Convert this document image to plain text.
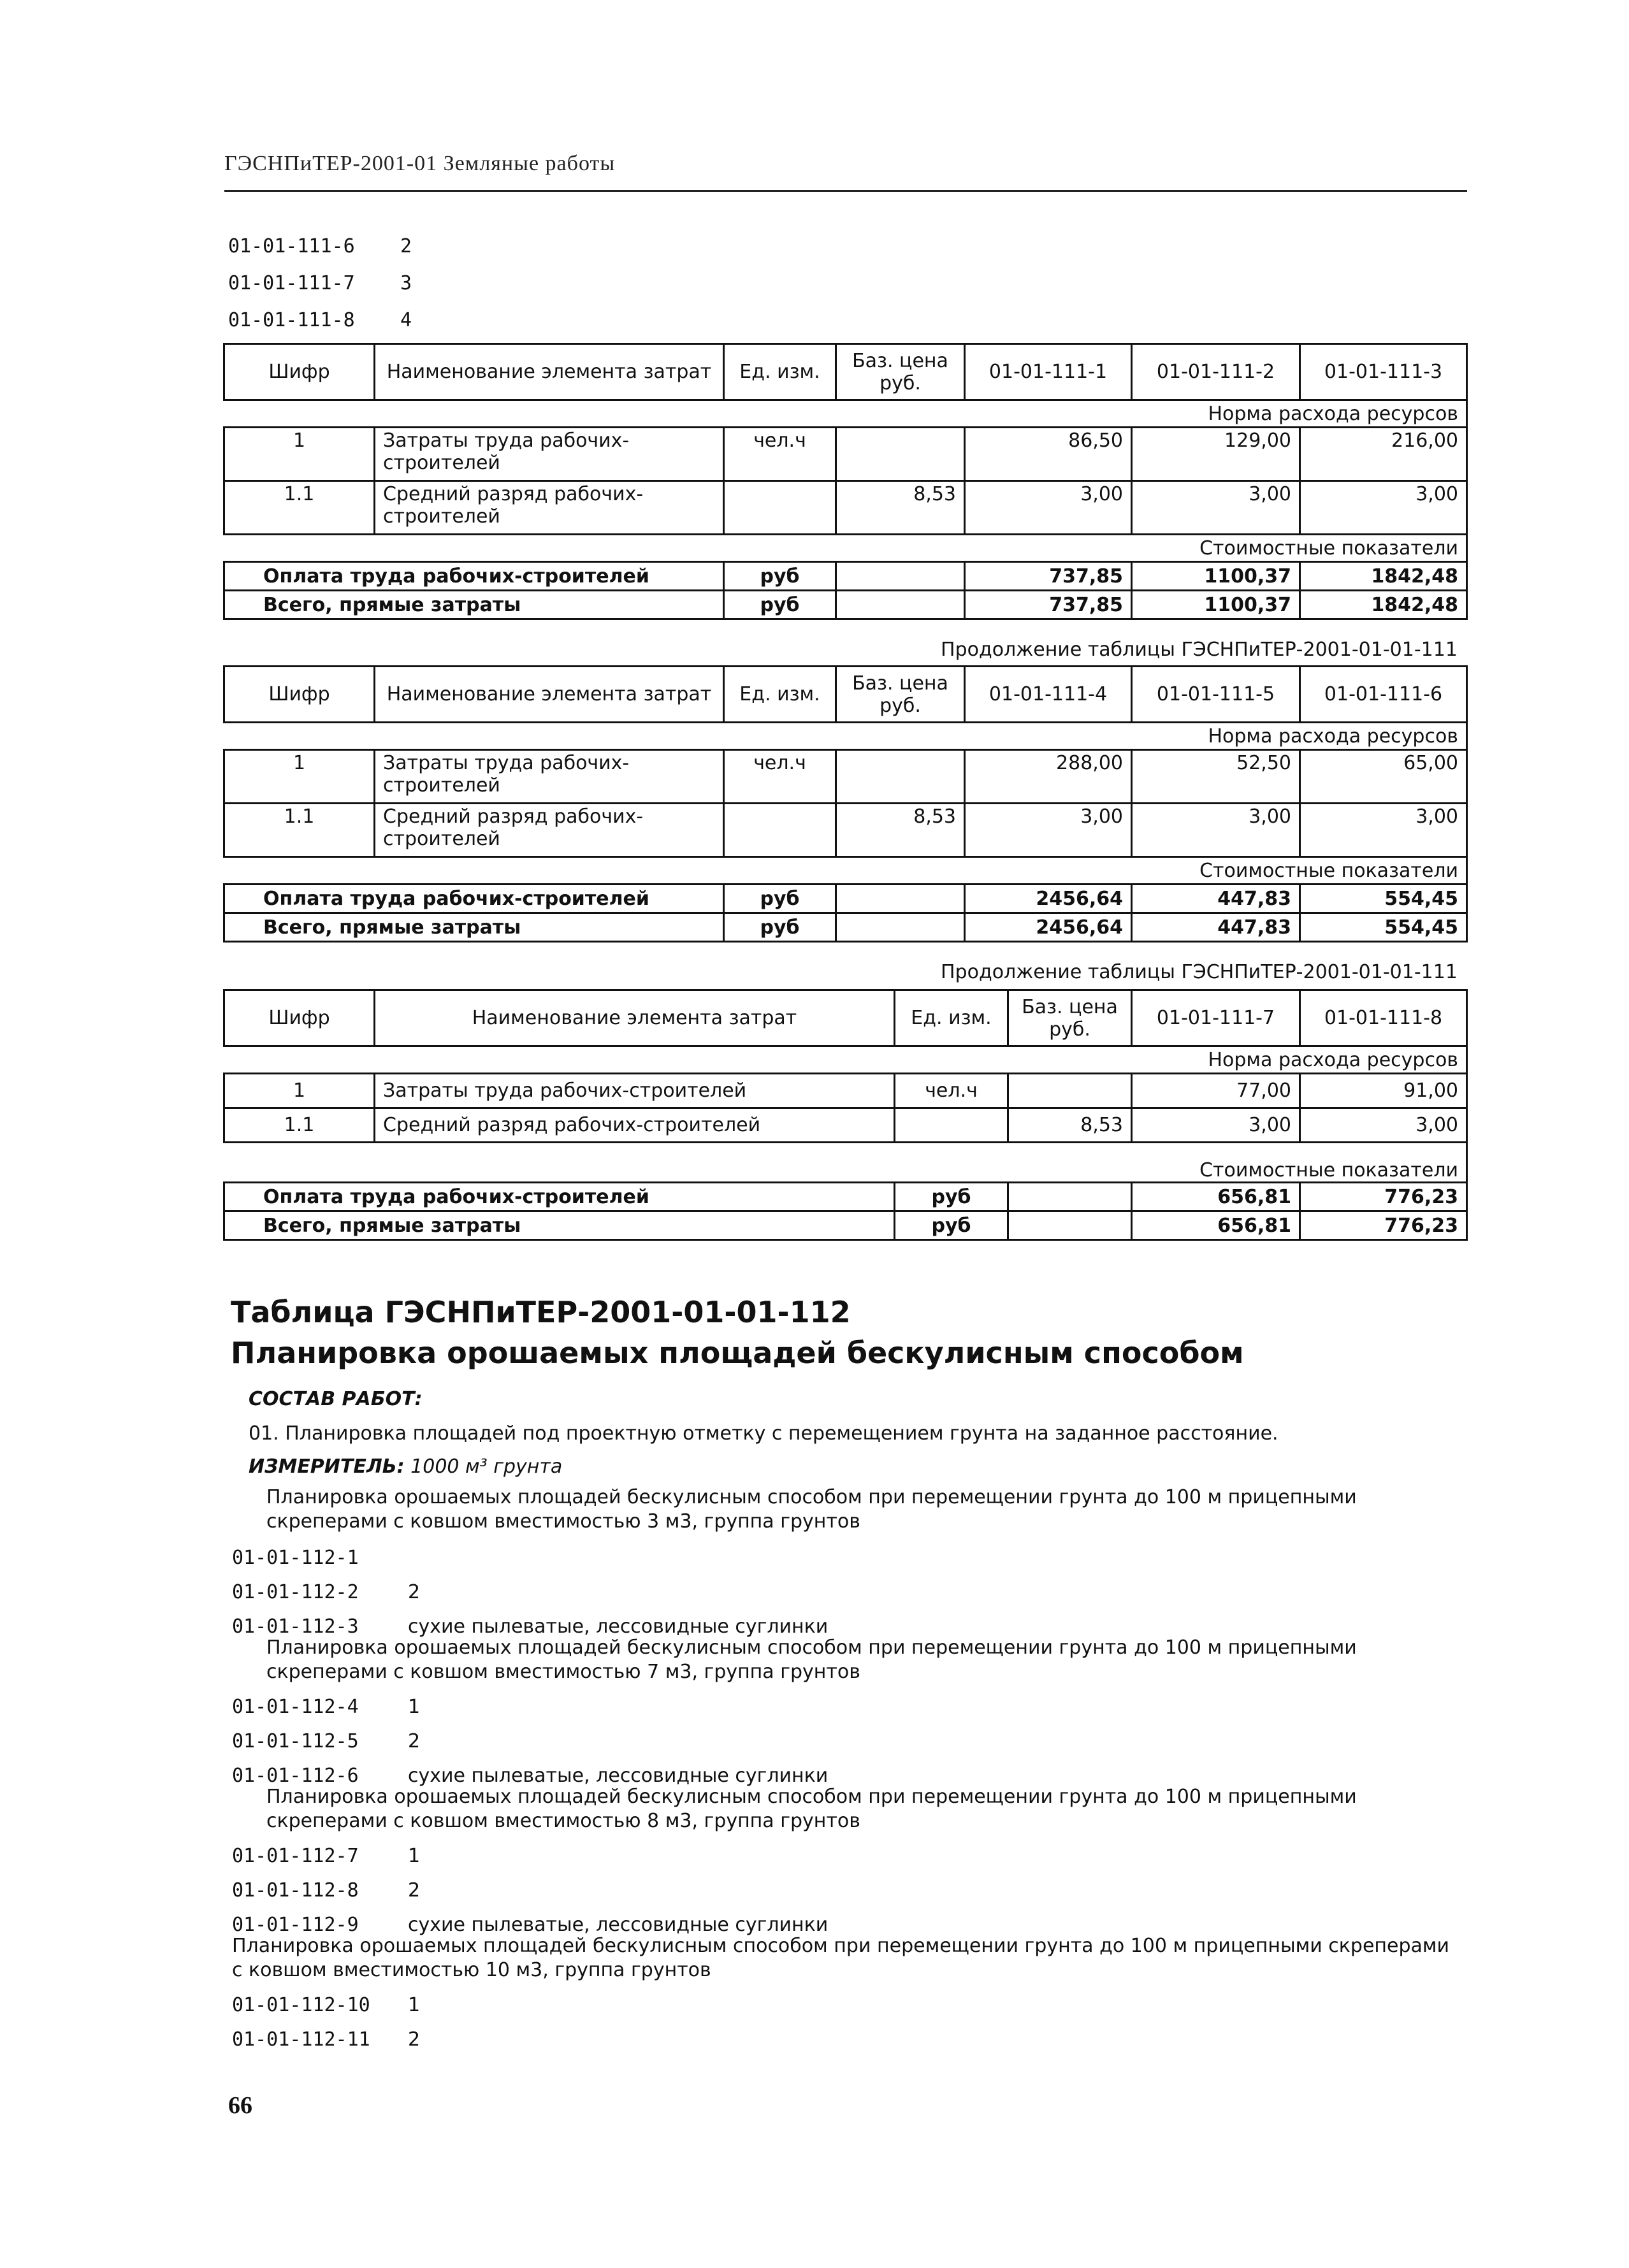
ГЭСНПиТЕР-2001-01 Земляные работы
01-01-111-6 2
01-01-111-7 3
01-01-111-8 4
Шифр	Наименование элемента затрат	Ед. изм.	Баз. цена руб.	01-01-111-1	01-01-111-2	01-01-111-3
Норма расхода ресурсов						
1	Затраты труда рабочих-строителей	чел.ч		86,50	129,00	216,00
1.1	Средний разряд рабочих-строителей		8,53	3,00	3,00	3,00
Стоимостные показатели						
Оплата труда рабочих-строителей		руб		737,85	1100,37	1842,48
Всего, прямые затраты		руб		737,85	1100,37	1842,48
Продолжение таблицы ГЭСНПиТЕР-2001-01-01-111
Шифр	Наименование элемента затрат	Ед. изм.	Баз. цена руб.	01-01-111-4	01-01-111-5	01-01-111-6
Норма расхода ресурсов						
1	Затраты труда рабочих-строителей	чел.ч		288,00	52,50	65,00
1.1	Средний разряд рабочих-строителей		8,53	3,00	3,00	3,00
Стоимостные показатели						
Оплата труда рабочих-строителей		руб		2456,64	447,83	554,45
Всего, прямые затраты		руб		2456,64	447,83	554,45
Продолжение таблицы ГЭСНПиТЕР-2001-01-01-111
Шифр	Наименование элемента затрат	Ед. изм.	Баз. цена руб.	01-01-111-7	01-01-111-8
Норма расхода ресурсов					
1	Затраты труда рабочих-строителей	чел.ч		77,00	91,00
1.1	Средний разряд рабочих-строителей		8,53	3,00	3,00
Стоимостные показатели					
Оплата труда рабочих-строителей		руб		656,81	776,23
Всего, прямые затраты		руб		656,81	776,23
Таблица ГЭСНПиТЕР-2001-01-01-112
Планировка орошаемых площадей бескулисным способом
СОСТАВ РАБОТ:
01. Планировка площадей под проектную отметку с перемещением грунта на заданное расстояние.
ИЗМЕРИТЕЛЬ: 1000 м³ грунта
Планировка орошаемых площадей бескулисным способом при перемещении грунта до 100 м прицепными
скреперами с ковшом вместимостью 3 м3, группа грунтов
01-01-112-1
01-01-112-2	2
01-01-112-3	сухие пылеватые, лессовидные суглинки
Планировка орошаемых площадей бескулисным способом при перемещении грунта до 100 м прицепными
скреперами с ковшом вместимостью 7 м3, группа грунтов
01-01-112-4	1
01-01-112-5	2
01-01-112-6	сухие пылеватые, лессовидные суглинки
Планировка орошаемых площадей бескулисным способом при перемещении грунта до 100 м прицепными
скреперами с ковшом вместимостью 8 м3, группа грунтов
01-01-112-7	1
01-01-112-8	2
01-01-112-9	сухие пылеватые, лессовидные суглинки
Планировка орошаемых площадей бескулисным способом при перемещении грунта до 100 м прицепными скреперами
с ковшом вместимостью 10 м3, группа грунтов
01-01-112-10 1
01-01-112-11 2
66
